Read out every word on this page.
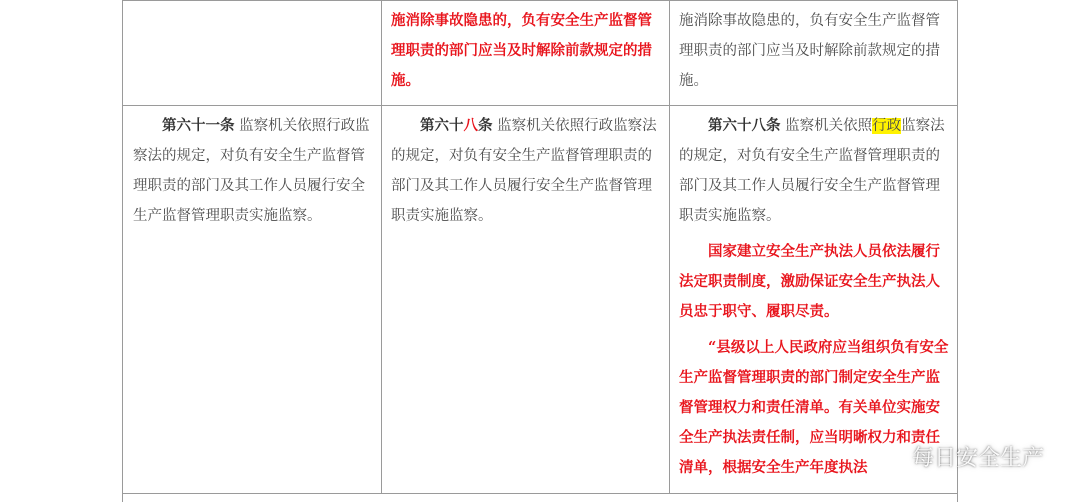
施消除事故隐患的，负有安全生产监督管理职责的部门应当及时解除前款规定的措施。

施消除事故隐患的，负有安全生产监督管理职责的部门应当及时解除前款规定的措施。

第六十一条 监察机关依照行政监察法的规定，对负有安全生产监督管理职责的部门及其工作人员履行安全生产监督管理职责实施监察。

第六十八条 监察机关依照行政监察法的规定，对负有安全生产监督管理职责的部门及其工作人员履行安全生产监督管理职责实施监察。

第六十八条 监察机关依照行政监察法的规定，对负有安全生产监督管理职责的部门及其工作人员履行安全生产监督管理职责实施监察。

国家建立安全生产执法人员依法履行法定职责制度，激励保证安全生产执法人员忠于职守、履职尽责。

“县级以上人民政府应当组织负有安全生产监督管理职责的部门制定安全生产监督管理权力和责任清单。有关单位实施安全生产执法责任制，应当明晰权力和责任清单，根据安全生产年度执法	每日安全生产
